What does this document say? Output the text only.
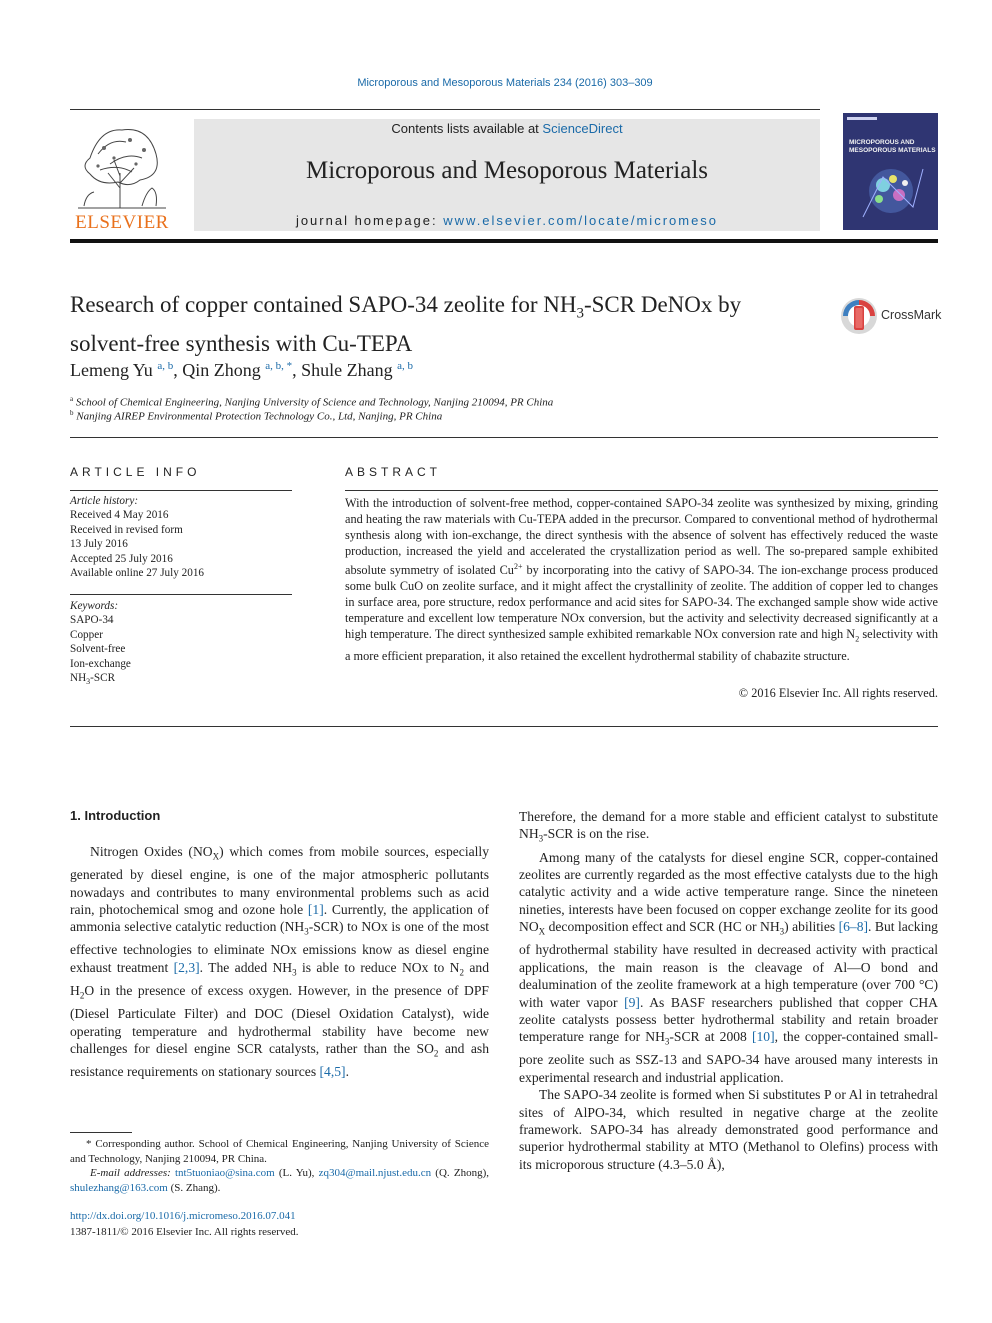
Microporous and Mesoporous Materials 234 (2016) 303–309
ELSEVIER
Contents lists available at ScienceDirect
Microporous and Mesoporous Materials
journal homepage: www.elsevier.com/locate/micromeso
MICROPOROUS AND
MESOPOROUS MATERIALS
Research of copper contained SAPO-34 zeolite for $NH_3$-SCR DeNOx by
solvent-free synthesis with Cu-TEPA
CrossMark
Lemeng Yu $^{a, b}$, Qin Zhong $^{a, b, *}$, Shule Zhang $^{a, b}$
$^a$ School of Chemical Engineering, Nanjing University of Science and Technology, Nanjing 210094, PR China
$^b$ Nanjing AIREP Environmental Protection Technology Co., Ltd, Nanjing, PR China
ARTICLE INFO
Article history:
Received 4 May 2016
Received in revised form
13 July 2016
Accepted 25 July 2016
Available online 27 July 2016
Keywords:
SAPO-34
Copper
Solvent-free
Ion-exchange
$NH_3$-SCR
ABSTRACT
With the introduction of solvent-free method, copper-contained SAPO-34 zeolite was synthesized by mixing, grinding and heating the raw materials with Cu-TEPA added in the precursor. Compared to conventional method of hydrothermal synthesis along with ion-exchange, the direct synthesis with the absence of solvent has effectively reduced the waste production, increased the yield and accelerated the crystallization period as well. The so-prepared sample exhibited absolute symmetry of isolated $Cu^{2+}$ by incorporating into the cativy of SAPO-34. The ion-exchange process produced some bulk CuO on zeolite surface, and it might affect the crystallinity of zeolite. The addition of copper led to changes in surface area, pore structure, redox performance and acid sites for SAPO-34. The exchanged sample show wide active temperature and excellent low temperature NOx conversion, but the activity and selectivity decreased significantly at a high temperature. The direct synthesized sample exhibited remarkable NOx conversion rate and high $N_2$ selectivity with a more efficient preparation, it also retained the excellent hydrothermal stability of chabazite structure.
© 2016 Elsevier Inc. All rights reserved.
1. Introduction

Nitrogen Oxides $(NO_X)$ which comes from mobile sources, especially generated by diesel engine, is one of the major atmospheric pollutants nowadays and contributes to many environmental problems such as acid rain, photochemical smog and ozone hole [1]. Currently, the application of ammonia selective catalytic reduction $(NH_3-SCR)$ to NOx is one of the most effective technologies to eliminate NOx emissions know as diesel engine exhaust treatment [2,3]. The added $NH_3$ is able to reduce NOx to $N_2$ and $H_2O$ in the presence of excess oxygen. However, in the presence of DPF (Diesel Particulate Filter) and DOC (Diesel Oxidation Catalyst), wide operating temperature and hydrothermal stability have become new challenges for diesel engine SCR catalysts, rather than the $SO_2$ and ash resistance requirements on stationary sources [4,5].

Therefore, the demand for a more stable and efficient catalyst to substitute $NH_3$-SCR is on the rise.

Among many of the catalysts for diesel engine SCR, copper-contained zeolites are currently regarded as the most effective catalysts due to the high catalytic activity and a wide active temperature range. Since the nineteen nineties, interests have been focused on copper exchange zeolite for its good $NO_X$ decomposition effect and SCR (HC or $NH_3$) abilities [6–8]. But lacking of hydrothermal stability have resulted in decreased activity with practical applications, the main reason is the cleavage of Al—O bond and dealumination of the zeolite framework at a high temperature (over 700 °C) with water vapor [9]. As BASF researchers published that copper CHA zeolite catalysts possess better hydrothermal stability and retain broader temperature range for $NH_3$-SCR at 2008 [10], the copper-contained small-pore zeolite such as SSZ-13 and SAPO-34 have aroused many interests in experimental research and industrial application.

The SAPO-34 zeolite is formed when Si substitutes P or Al in tetrahedral sites of AlPO-34, which resulted in negative charge at the zeolite framework. SAPO-34 has already demonstrated good performance and superior hydrothermal stability at MTO (Methanol to Olefins) process with its microporous structure (4.3–5.0 Å),

* Corresponding author. School of Chemical Engineering, Nanjing University of Science and Technology, Nanjing 210094, PR China.
E-mail addresses: tnt5tuoniao@sina.com (L. Yu), zq304@mail.njust.edu.cn (Q. Zhong), shulezhang@163.com (S. Zhang).
http://dx.doi.org/10.1016/j.micromeso.2016.07.041
1387-1811/© 2016 Elsevier Inc. All rights reserved.
